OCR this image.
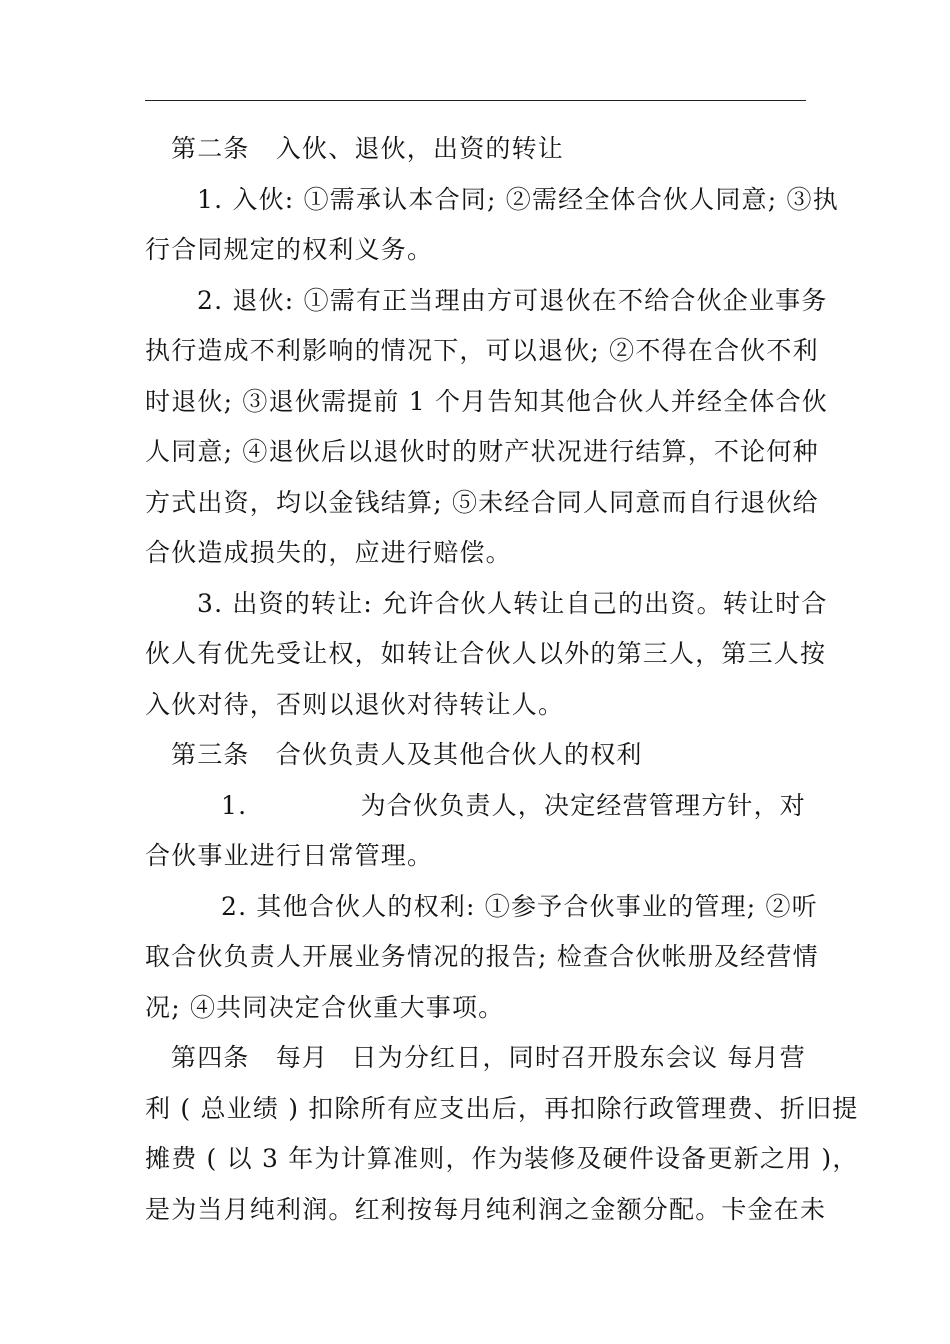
第二条　入伙、退伙，出资的转让
1. 入伙: ①需承认本合同; ②需经全体合伙人同意; ③执
行合同规定的权利义务。
2. 退伙: ①需有正当理由方可退伙在不给合伙企业事务
执行造成不利影响的情况下，可以退伙; ②不得在合伙不利
时退伙; ③退伙需提前 1 个月告知其他合伙人并经全体合伙
人同意; ④退伙后以退伙时的财产状况进行结算，不论何种
方式出资，均以金钱结算; ⑤未经合同人同意而自行退伙给
合伙造成损失的，应进行赔偿。
3. 出资的转让: 允许合伙人转让自己的出资。转让时合
伙人有优先受让权，如转让合伙人以外的第三人，第三人按
入伙对待，否则以退伙对待转让人。
第三条　合伙负责人及其他合伙人的权利
1.	为合伙负责人，决定经营管理方针，对
合伙事业进行日常管理。
2. 其他合伙人的权利: ①参予合伙事业的管理; ②听
取合伙负责人开展业务情况的报告; 检查合伙帐册及经营情
况; ④共同决定合伙重大事项。
第四条　每月 日为分红日，同时召开股东会议 每月营
利 ( 总业绩 ) 扣除所有应支出后，再扣除行政管理费、折旧提
摊费 ( 以 3 年为计算准则，作为装修及硬件设备更新之用 )，
是为当月纯利润。红利按每月纯利润之金额分配。卡金在未
